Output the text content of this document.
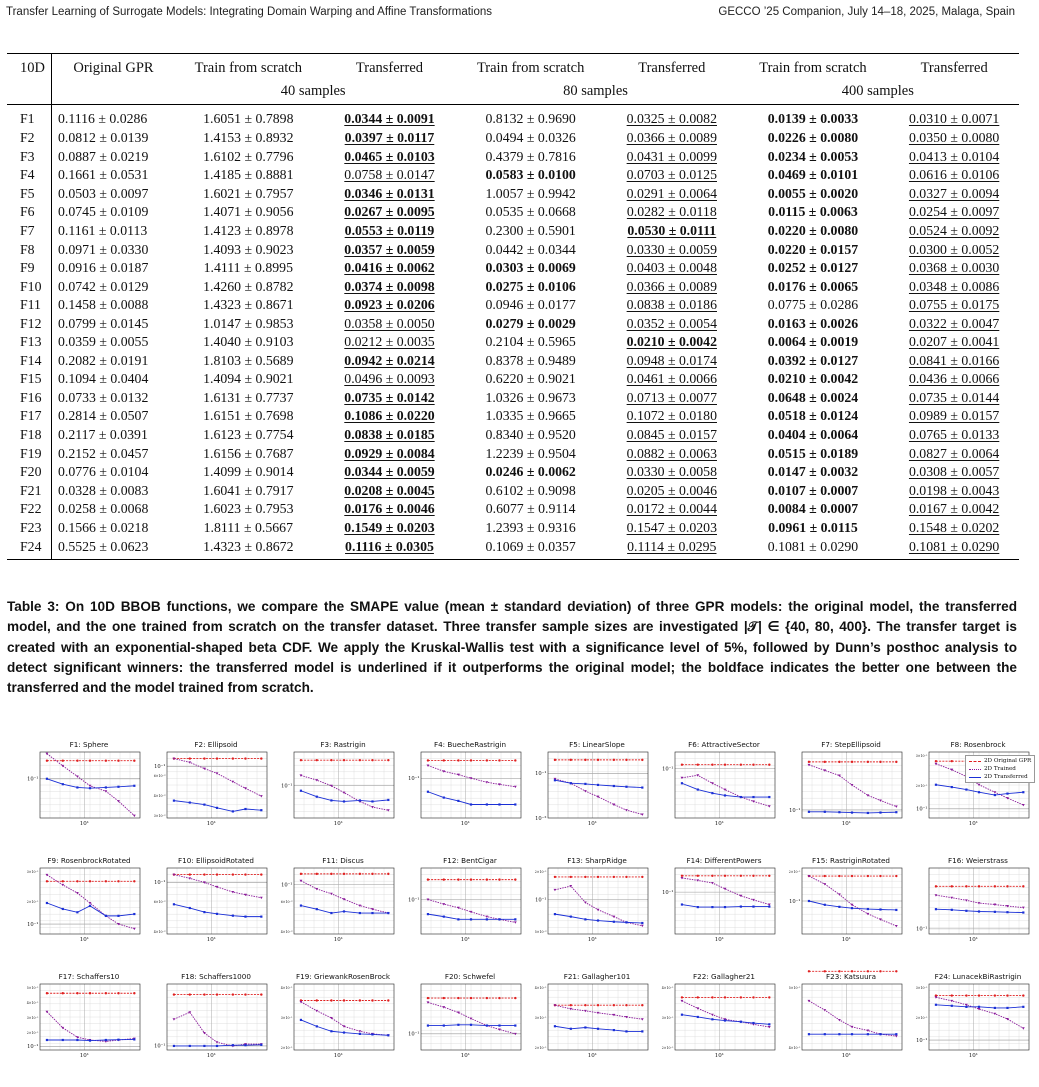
Transfer Learning of Surrogate Models: Integrating Domain Warping and Affine Transformations	GECCO ’25 Companion, July 14–18, 2025, Malaga, Spain
10D	Original GPR	Train from scratch	Transferred	Train from scratch	Transferred	Train from scratch	Transferred
		40 samples		80 samples		400 samples	
F1	0.1116 ± 0.0286	1.6051 ± 0.7898	0.0344 ± 0.0091	0.8132 ± 0.9690	0.0325 ± 0.0082	0.0139 ± 0.0033	0.0310 ± 0.0071
F2	0.0812 ± 0.0139	1.4153 ± 0.8932	0.0397 ± 0.0117	0.0494 ± 0.0326	0.0366 ± 0.0089	0.0226 ± 0.0080	0.0350 ± 0.0080
F3	0.0887 ± 0.0219	1.6102 ± 0.7796	0.0465 ± 0.0103	0.4379 ± 0.7816	0.0431 ± 0.0099	0.0234 ± 0.0053	0.0413 ± 0.0104
F4	0.1661 ± 0.0531	1.4185 ± 0.8881	0.0758 ± 0.0147	0.0583 ± 0.0100	0.0703 ± 0.0125	0.0469 ± 0.0101	0.0616 ± 0.0106
F5	0.0503 ± 0.0097	1.6021 ± 0.7957	0.0346 ± 0.0131	1.0057 ± 0.9942	0.0291 ± 0.0064	0.0055 ± 0.0020	0.0327 ± 0.0094
F6	0.0745 ± 0.0109	1.4071 ± 0.9056	0.0267 ± 0.0095	0.0535 ± 0.0668	0.0282 ± 0.0118	0.0115 ± 0.0063	0.0254 ± 0.0097
F7	0.1161 ± 0.0113	1.4123 ± 0.8978	0.0553 ± 0.0119	0.2300 ± 0.5901	0.0530 ± 0.0111	0.0220 ± 0.0080	0.0524 ± 0.0092
F8	0.0971 ± 0.0330	1.4093 ± 0.9023	0.0357 ± 0.0059	0.0442 ± 0.0344	0.0330 ± 0.0059	0.0220 ± 0.0157	0.0300 ± 0.0052
F9	0.0916 ± 0.0187	1.4111 ± 0.8995	0.0416 ± 0.0062	0.0303 ± 0.0069	0.0403 ± 0.0048	0.0252 ± 0.0127	0.0368 ± 0.0030
F10	0.0742 ± 0.0129	1.4260 ± 0.8782	0.0374 ± 0.0098	0.0275 ± 0.0106	0.0366 ± 0.0089	0.0176 ± 0.0065	0.0348 ± 0.0086
F11	0.1458 ± 0.0088	1.4323 ± 0.8671	0.0923 ± 0.0206	0.0946 ± 0.0177	0.0838 ± 0.0186	0.0775 ± 0.0286	0.0755 ± 0.0175
F12	0.0799 ± 0.0145	1.0147 ± 0.9853	0.0358 ± 0.0050	0.0279 ± 0.0029	0.0352 ± 0.0054	0.0163 ± 0.0026	0.0322 ± 0.0047
F13	0.0359 ± 0.0055	1.4040 ± 0.9103	0.0212 ± 0.0035	0.2104 ± 0.5965	0.0210 ± 0.0042	0.0064 ± 0.0019	0.0207 ± 0.0041
F14	0.2082 ± 0.0191	1.8103 ± 0.5689	0.0942 ± 0.0214	0.8378 ± 0.9489	0.0948 ± 0.0174	0.0392 ± 0.0127	0.0841 ± 0.0166
F15	0.1094 ± 0.0404	1.4094 ± 0.9021	0.0496 ± 0.0093	0.6220 ± 0.9021	0.0461 ± 0.0066	0.0210 ± 0.0042	0.0436 ± 0.0066
F16	0.0733 ± 0.0132	1.6131 ± 0.7737	0.0735 ± 0.0142	1.0326 ± 0.9673	0.0713 ± 0.0077	0.0648 ± 0.0024	0.0735 ± 0.0144
F17	0.2814 ± 0.0507	1.6151 ± 0.7698	0.1086 ± 0.0220	1.0335 ± 0.9665	0.1072 ± 0.0180	0.0518 ± 0.0124	0.0989 ± 0.0157
F18	0.2117 ± 0.0391	1.6123 ± 0.7754	0.0838 ± 0.0185	0.8340 ± 0.9520	0.0845 ± 0.0157	0.0404 ± 0.0064	0.0765 ± 0.0133
F19	0.2152 ± 0.0457	1.6156 ± 0.7687	0.0929 ± 0.0084	1.2239 ± 0.9504	0.0882 ± 0.0063	0.0515 ± 0.0189	0.0827 ± 0.0064
F20	0.0776 ± 0.0104	1.4099 ± 0.9014	0.0344 ± 0.0059	0.0246 ± 0.0062	0.0330 ± 0.0058	0.0147 ± 0.0032	0.0308 ± 0.0057
F21	0.0328 ± 0.0083	1.6041 ± 0.7917	0.0208 ± 0.0045	0.6102 ± 0.9098	0.0205 ± 0.0046	0.0107 ± 0.0007	0.0198 ± 0.0043
F22	0.0258 ± 0.0068	1.6023 ± 0.7953	0.0176 ± 0.0046	0.6077 ± 0.9114	0.0172 ± 0.0044	0.0084 ± 0.0007	0.0167 ± 0.0042
F23	0.1566 ± 0.0218	1.8111 ± 0.5667	0.1549 ± 0.0203	1.2393 ± 0.9316	0.1547 ± 0.0203	0.0961 ± 0.0115	0.1548 ± 0.0202
F24	0.5525 ± 0.0623	1.4323 ± 0.8672	0.1116 ± 0.0305	0.1069 ± 0.0357	0.1114 ± 0.0295	0.1081 ± 0.0290	0.1081 ± 0.0290
Table 3: On 10D BBOB functions, we compare the SMAPE value (mean ± standard deviation) of three GPR models: the original model, the transferred model, and the one trained from scratch on the transfer dataset. Three transfer sample sizes are investigated |𝒯| ∈ {40, 80, 400}. The transfer target is created with an exponential-shaped beta CDF. We apply the Kruskal-Wallis test with a significance level of 5%, followed by Dunn’s posthoc analysis to detect significant winners: the transferred model is underlined if it outperforms the original model; the boldface indicates the better one between the transferred and the model trained from scratch.
F1: Sphere
10¹
10⁻¹
F2: Ellipsoid
10¹
10⁻¹
6×10⁻²
4×10⁻²
3×10⁻²
F3: Rastrigin
10¹
10⁻¹
F4: BuecheRastrigin
10¹
10⁻¹
F5: LinearSlope
10¹
10⁻¹
10⁻²
F6: AttractiveSector
10¹
10⁻¹
F7: StepEllipsoid
10¹
10⁻¹
F8: Rosenbrock
10¹
3×10⁻¹
2×10⁻¹
10⁻¹
F9: RosenbrockRotated
10¹
3×10⁻¹
2×10⁻¹
10⁻¹
F10: EllipsoidRotated
10¹
10⁻¹
6×10⁻²
4×10⁻²
F11: Discus
10¹
10⁻¹
6×10⁻²
4×10⁻²
F12: BentCigar
10¹
10⁻¹
F13: SharpRidge
10¹
2×10⁻¹
10⁻¹
5×10⁻²
F14: DifferentPowers
10¹
10⁻¹
F15: RastriginRotated
10¹
2×10⁻¹
10⁻¹
F16: Weierstrass
10¹
10⁻¹
F17: Schaffers10
10¹
5×10⁻¹
4×10⁻¹
3×10⁻¹
2×10⁻¹
10⁻¹
F18: Schaffers1000
10¹
10⁻¹
F19: GriewankRosenBrock
10¹
4×10⁻¹
3×10⁻¹
2×10⁻¹
F20: Schwefel
10¹
10⁻¹
F21: Gallagher101
10¹
4×10⁻¹
3×10⁻¹
2×10⁻¹
F22: Gallagher21
10¹
4×10⁻¹
3×10⁻¹
2×10⁻¹
F23: Katsuura
10¹
5×10⁻¹
4×10⁻¹
F24: LunacekBiRastrigin
10¹
3×10⁻¹
2×10⁻¹
10⁻¹
2D Original GPR
2D Trained
2D Transferred
